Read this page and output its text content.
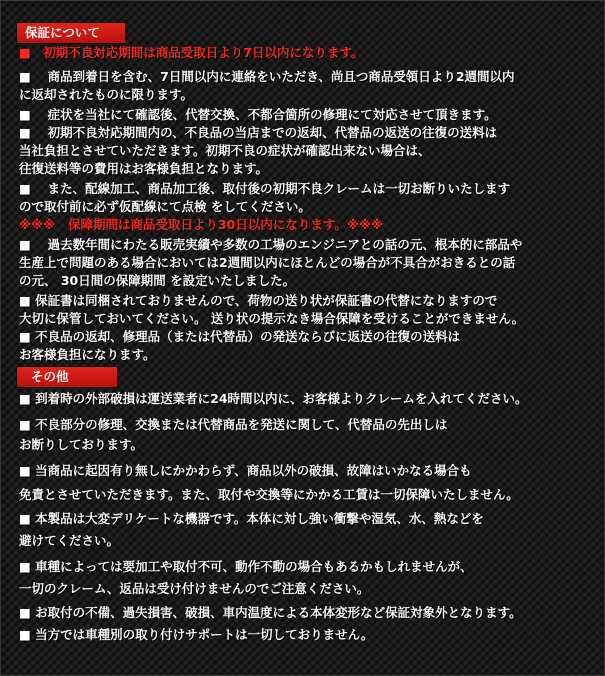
保証について
■　初期不良対応期間は商品受取日より7日以内になります。
■　 商品到着日を含む、7日間以内に連絡をいただき、尚且つ商品受領日より2週間以内
に返却されたものに限ります。
■　 症状を当社にて確認後、代替交換、不都合箇所の修理にて対応させて頂きます。
■　 初期不良対応期間内の、不良品の当店までの返却、代替品の返送の往復の送料は
当社負担とさせていただきます。初期不良の症状が確認出来ない場合は、
往復送料等の費用はお客様負担となります。
■　 また、配線加工、商品加工後、取付後の初期不良クレームは一切お断りいたします
ので取付前に必ず仮配線にて点検 をしてください。
※※※　保障期間は商品受取日より30日以内になります。※※※
■　 過去数年間にわたる販売実績や多数の工場のエンジニアとの話の元、根本的に部品や
生産上で問題のある場合においては2週間以内にほとんどの場合が不具合がおきるとの話
の元、 30日間の保障期間 を設定いたしました。
■ 保証書は同梱されておりませんので、荷物の送り状が保証書の代替になりますので
大切に保管しておいてください。 送り状の提示なき場合保障を受けることができません。
■ 不良品の返却、修理品（または代替品）の発送ならびに返送の往復の送料は
お客様負担になります。
その他
■ 到着時の外部破損は運送業者に24時間以内に、お客様よりクレームを入れてください。
■ 不良部分の修理、交換または代替商品を発送に関して、代替品の先出しは
お断りしております。
■ 当商品に起因有り無しにかかわらず、商品以外の破損、故障はいかなる場合も
免責とさせていただきます。また、取付や交換等にかかる工賃は一切保障いたしません。
■ 本製品は大変デリケートな機器です。本体に対し強い衝撃や湿気、水、熱などを
避けてください。
■ 車種によっては要加工や取付不可、動作不動の場合もあるかもしれませんが、
一切のクレーム、返品は受け付けませんのでご注意ください。
■ お取付の不備、過失損害、破損、車内温度による本体変形など保証対象外となります。
■ 当方では車種別の取り付けサポートは一切しておりません。
